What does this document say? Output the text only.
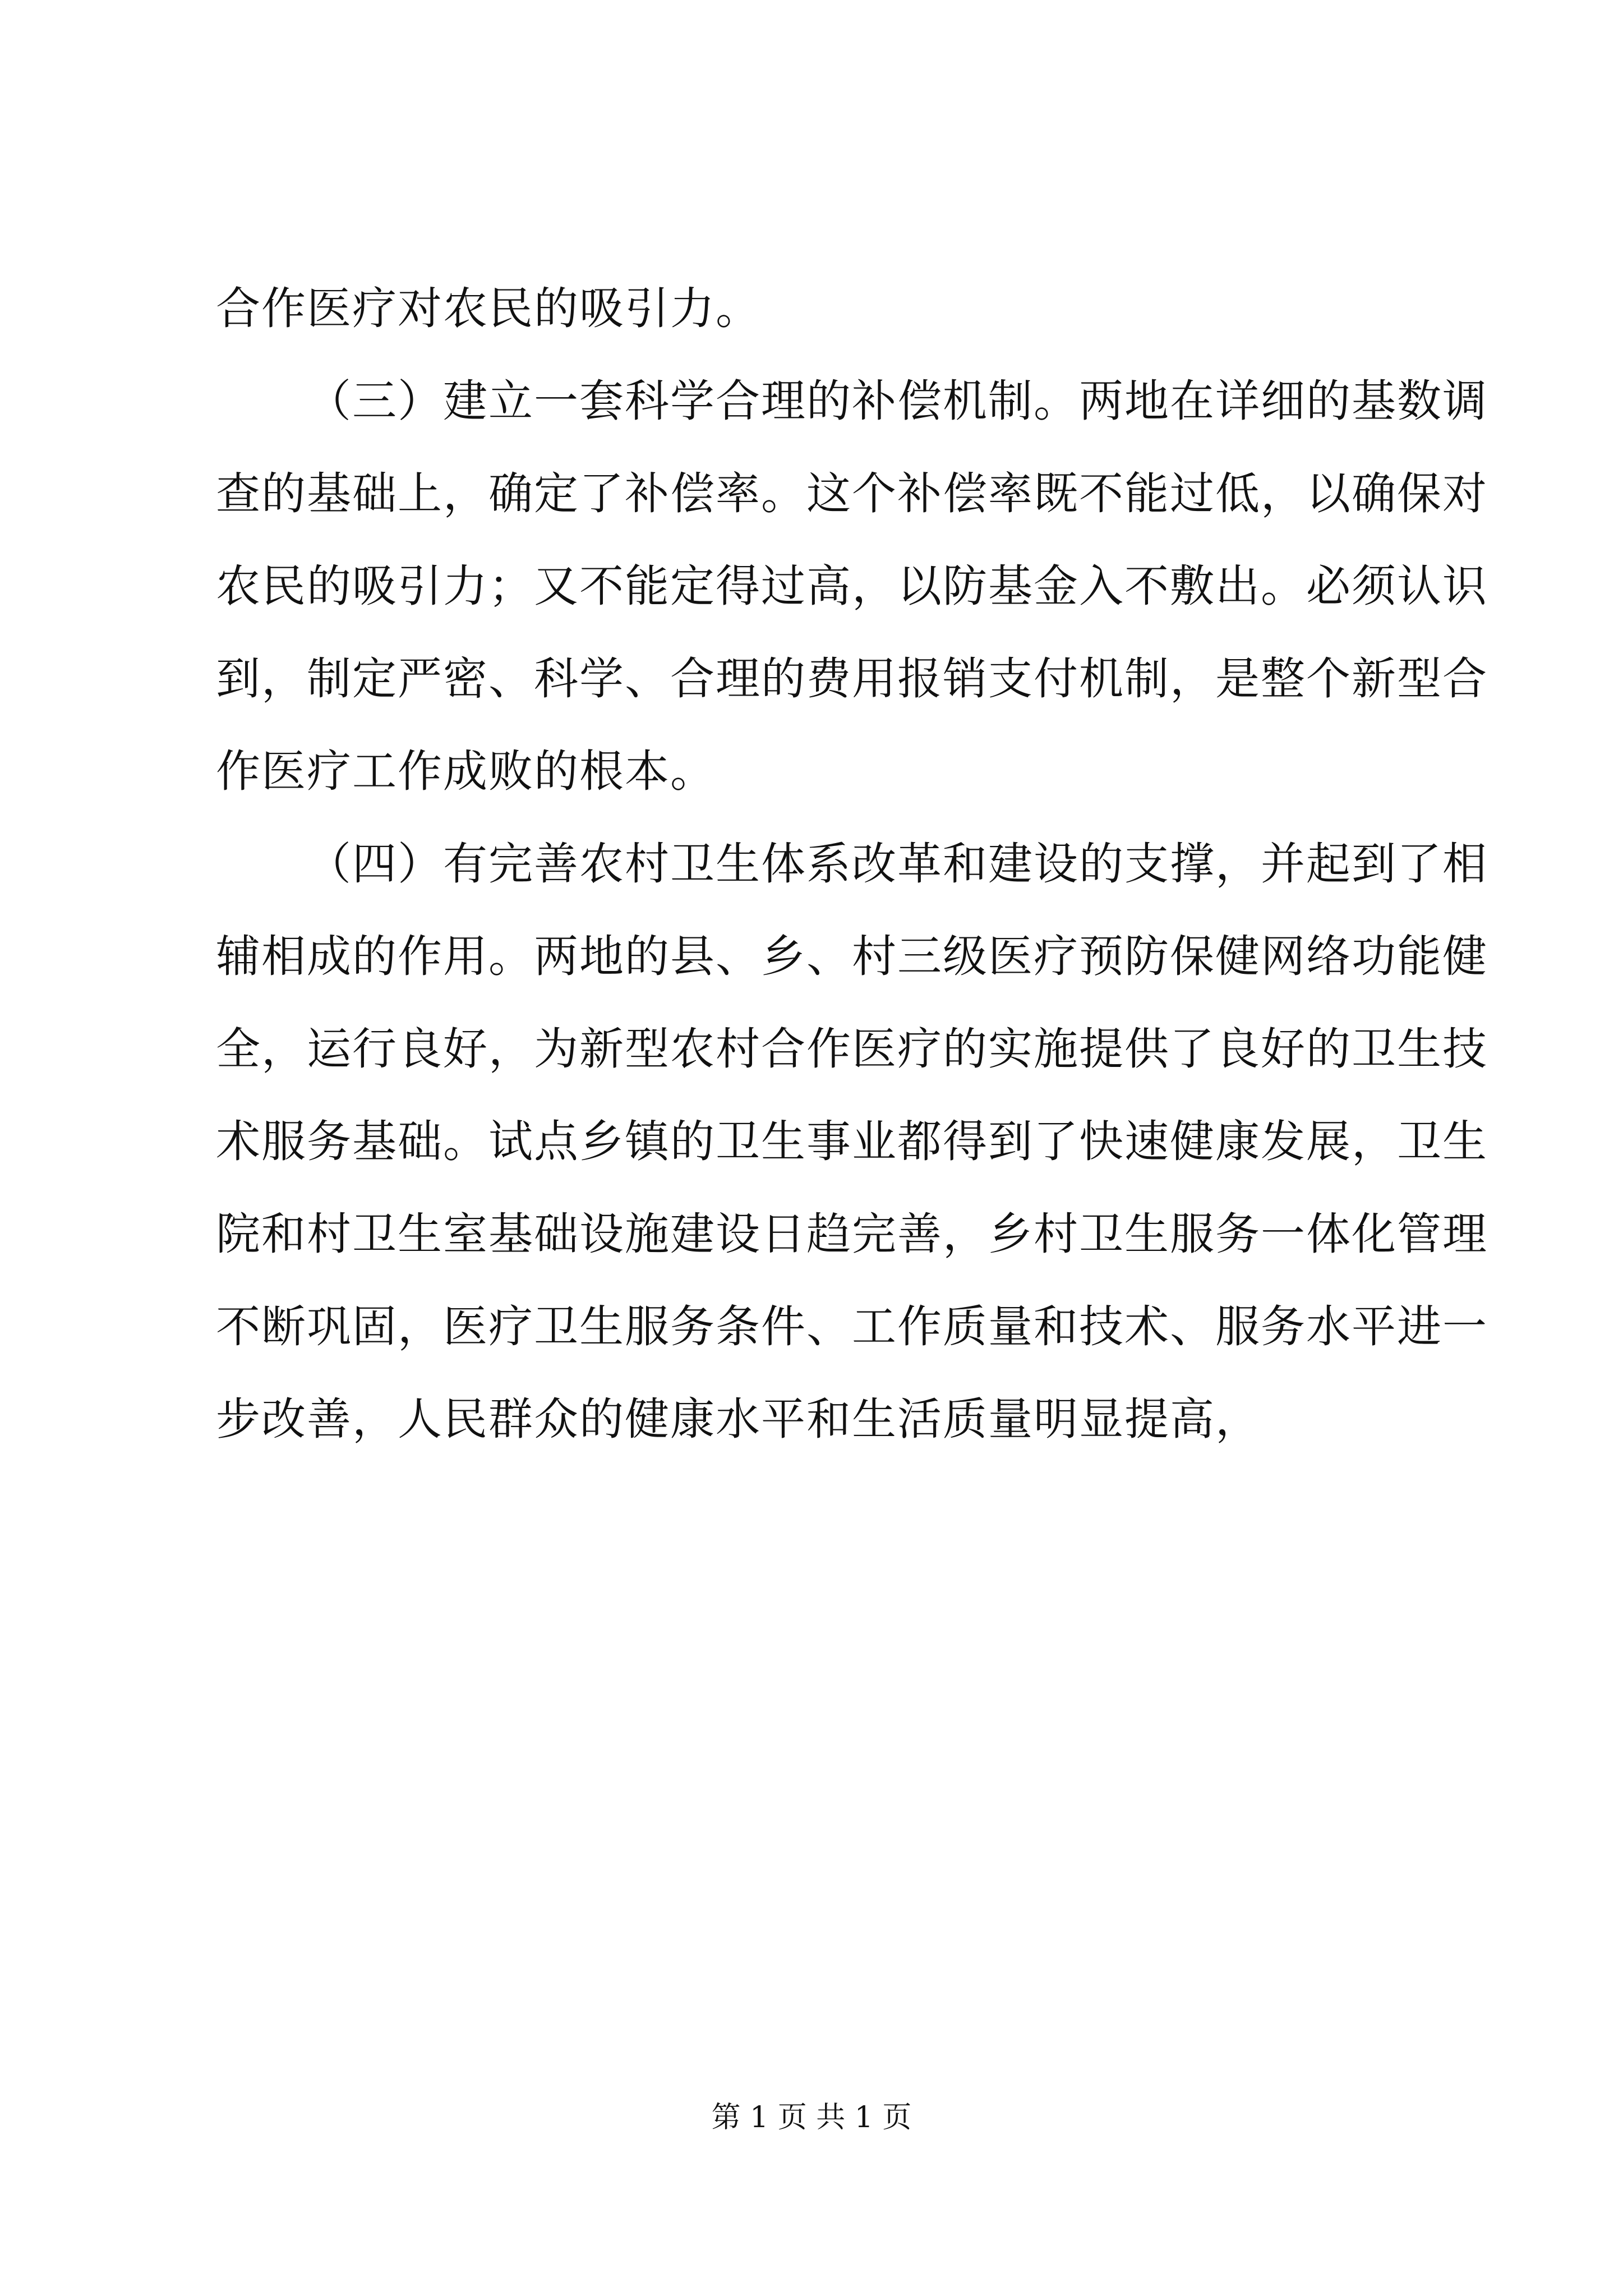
合作医疗对农民的吸引力。
（三）建立一套科学合理的补偿机制。两地在详细的基数调
查的基础上，确定了补偿率。这个补偿率既不能过低，以确保对
农民的吸引力；又不能定得过高，以防基金入不敷出。必须认识
到，制定严密、科学、合理的费用报销支付机制，是整个新型合
作医疗工作成败的根本。
（四）有完善农村卫生体系改革和建设的支撑，并起到了相
辅相成的作用。两地的县、乡、村三级医疗预防保健网络功能健
全，运行良好，为新型农村合作医疗的实施提供了良好的卫生技
术服务基础。试点乡镇的卫生事业都得到了快速健康发展，卫生
院和村卫生室基础设施建设日趋完善，乡村卫生服务一体化管理
不断巩固，医疗卫生服务条件、工作质量和技术、服务水平进一
步改善，人民群众的健康水平和生活质量明显提高，
第 1 页 共 1 页
